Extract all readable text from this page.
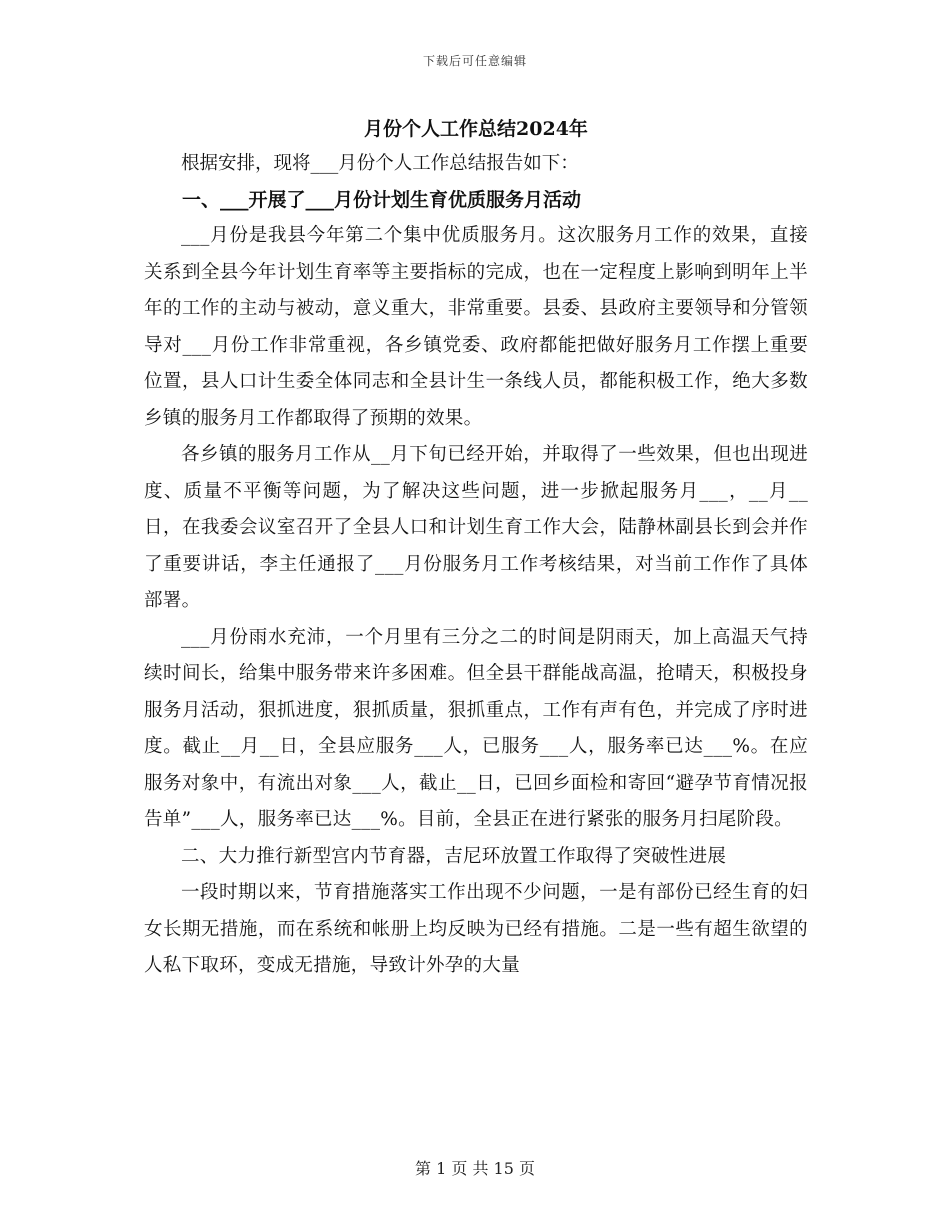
下载后可任意编辑
月份个人工作总结2024年

根据安排，现将___月份个人工作总结报告如下：

一、___开展了___月份计划生育优质服务月活动

___月份是我县今年第二个集中优质服务月。这次服务月工作的效果，直接关系到全县今年计划生育率等主要指标的完成，也在一定程度上影响到明年上半年的工作的主动与被动，意义重大，非常重要。县委、县政府主要领导和分管领导对___月份工作非常重视，各乡镇党委、政府都能把做好服务月工作摆上重要位置，县人口计生委全体同志和全县计生一条线人员，都能积极工作，绝大多数乡镇的服务月工作都取得了预期的效果。

各乡镇的服务月工作从__月下旬已经开始，并取得了一些效果，但也出现进度、质量不平衡等问题，为了解决这些问题，进一步掀起服务月___，__月__日，在我委会议室召开了全县人口和计划生育工作大会，陆静林副县长到会并作了重要讲话，李主任通报了___月份服务月工作考核结果，对当前工作作了具体部署。

___月份雨水充沛，一个月里有三分之二的时间是阴雨天，加上高温天气持续时间长，给集中服务带来许多困难。但全县干群能战高温，抢晴天，积极投身服务月活动，狠抓进度，狠抓质量，狠抓重点，工作有声有色，并完成了序时进度。截止__月__日，全县应服务___人，已服务___人，服务率已达___%。在应服务对象中，有流出对象___人，截止__日，已回乡面检和寄回“避孕节育情况报告单”___人，服务率已达___%。目前，全县正在进行紧张的服务月扫尾阶段。

二、大力推行新型宫内节育器，吉尼环放置工作取得了突破性进展

一段时期以来，节育措施落实工作出现不少问题，一是有部份已经生育的妇女长期无措施，而在系统和帐册上均反映为已经有措施。二是一些有超生欲望的人私下取环，变成无措施，导致计外孕的大量

第 1 页 共 15 页
